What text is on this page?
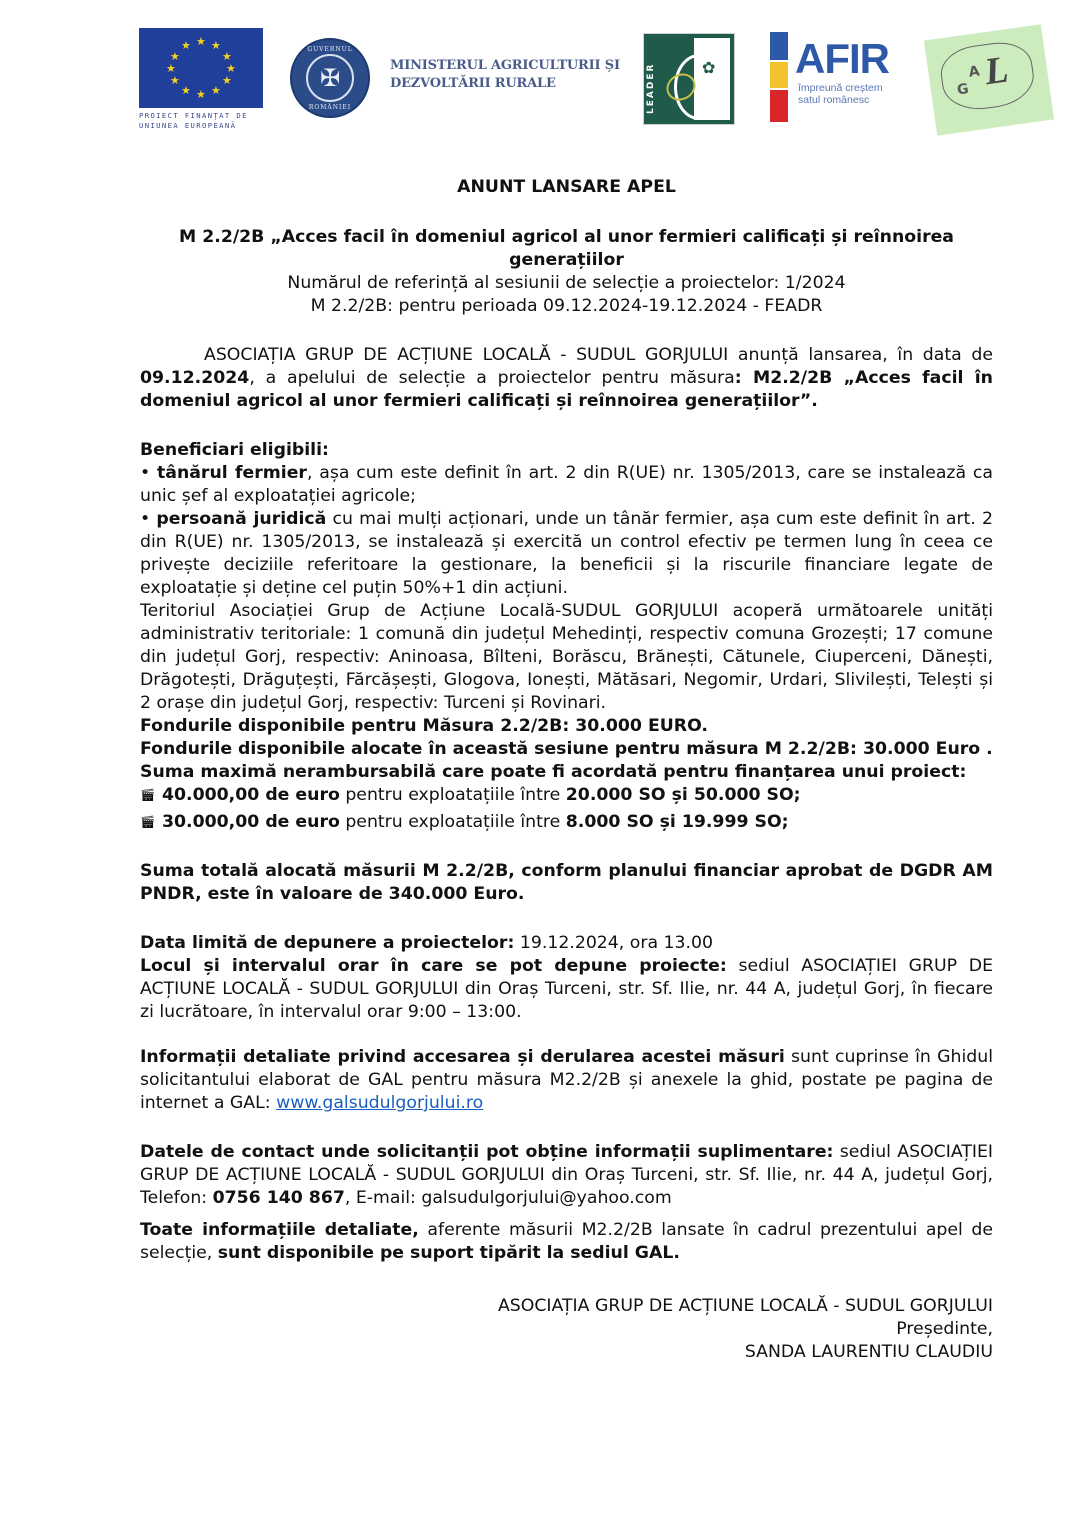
★ ★
★
★
★
★
★
★
★
★
★
★
PROIECT FINANȚAT DE
UNIUNEA EUROPEANĂ
GUVERNUL
✠
ROMÂNIEI
MINISTERUL AGRICULTURII ȘI
DEZVOLTĂRII RURALE	LEADER	✿ AFIR
împreună creștem
satul românesc
G
A L

ANUNT LANSARE APEL

M 2.2/2B „Acces facil în domeniul agricol al unor fermieri calificați și reînnoirea
generațiilor

Numărul de referință al sesiunii de selecție a proiectelor: 1/2024

M 2.2/2B: pentru perioada 09.12.2024-19.12.2024 - FEADR

ASOCIAȚIA GRUP DE ACȚIUNE LOCALĂ - SUDUL GORJULUI anunță lansarea, în data de 09.12.2024, a apelului de selecție a proiectelor pentru măsura: M2.2/2B „Acces facil în domeniul agricol al unor fermieri calificați și reînnoirea generațiilor”.

Beneficiari eligibili:

• tânărul fermier, așa cum este definit în art. 2 din R(UE) nr. 1305/2013, care se instalează ca unic șef al exploatației agricole;

• persoană juridică cu mai mulți acționari, unde un tânăr fermier, așa cum este definit în art. 2 din R(UE) nr. 1305/2013, se instalează și exercită un control efectiv pe termen lung în ceea ce privește deciziile referitoare la gestionare, la beneficii și la riscurile financiare legate de exploatație și deține cel puțin 50%+1 din acțiuni.

Teritoriul Asociației Grup de Acțiune Locală-SUDUL GORJULUI acoperă următoarele unități administrativ teritoriale: 1 comună din județul Mehedinți, respectiv comuna Grozești; 17 comune din județul Gorj, respectiv: Aninoasa, Bîlteni, Borăscu, Brănești, Cătunele, Ciuperceni, Dănești, Drăgotești, Drăguțești, Fărcășești, Glogova, Ionești, Mătăsari, Negomir, Urdari, Slivilești, Telești și 2 orașe din județul Gorj, respectiv: Turceni și Rovinari.

Fondurile disponibile pentru Măsura 2.2/2B: 30.000 EURO.

Fondurile disponibile alocate în această sesiune pentru măsura M 2.2/2B: 30.000 Euro .

Suma maximă nerambursabilă care poate fi acordată pentru finanțarea unui proiect:

🎬︎ 40.000,00 de euro pentru exploatațiile între 20.000 SO și 50.000 SO;

🎬︎ 30.000,00 de euro pentru exploatațiile între 8.000 SO și 19.999 SO;

Suma totală alocată măsurii M 2.2/2B, conform planului financiar aprobat de DGDR AM PNDR, este în valoare de 340.000 Euro.

Data limită de depunere a proiectelor: 19.12.2024, ora 13.00

Locul și intervalul orar în care se pot depune proiecte: sediul ASOCIAȚIEI GRUP DE ACȚIUNE LOCALĂ - SUDUL GORJULUI din Oraș Turceni, str. Sf. Ilie, nr. 44 A, județul Gorj, în fiecare zi lucrătoare, în intervalul orar 9:00 – 13:00.

Informații detaliate privind accesarea și derularea acestei măsuri sunt cuprinse în Ghidul solicitantului elaborat de GAL pentru măsura M2.2/2B și anexele la ghid, postate pe pagina de internet a GAL: www.galsudulgorjului.ro

Datele de contact unde solicitanții pot obține informații suplimentare: sediul ASOCIAȚIEI GRUP DE ACȚIUNE LOCALĂ - SUDUL GORJULUI din Oraș Turceni, str. Sf. Ilie, nr. 44 A, județul Gorj, Telefon: 0756 140 867, E-mail: galsudulgorjului@yahoo.com

Toate informațiile detaliate, aferente măsurii M2.2/2B lansate în cadrul prezentului apel de selecție, sunt disponibile pe suport tipărit la sediul GAL.

ASOCIAȚIA GRUP DE ACȚIUNE LOCALĂ - SUDUL GORJULUI

Președinte,

SANDA LAURENTIU CLAUDIU
